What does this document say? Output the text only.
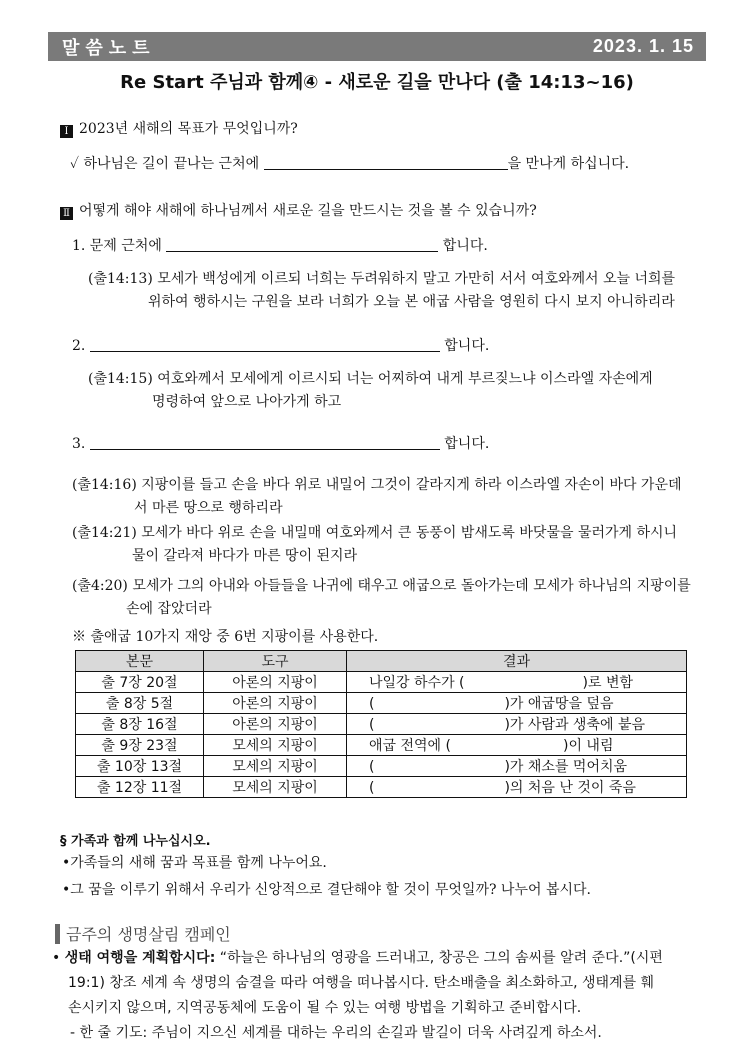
말씀노트	2023. 1. 15
Re Start 주님과 함께④ - 새로운 길을 만나다 (출 14:13~16)
Ⅰ 2023년 새해의 목표가 무엇입니까?
✓ 하나님은 길이 끝나는 근처에	을 만나게 하십니다.
Ⅱ 어떻게 해야 새해에 하나님께서 새로운 길을 만드시는 것을 볼 수 있습니까?
1. 문제 근처에	합니다.
(출14:13) 모세가 백성에게 이르되 너희는 두려워하지 말고 가만히 서서 여호와께서 오늘 너희를
위하여 행하시는 구원을 보라 너희가 오늘 본 애굽 사람을 영원히 다시 보지 아니하리라
2.	합니다.
(출14:15) 여호와께서 모세에게 이르시되 너는 어찌하여 내게 부르짖느냐 이스라엘 자손에게
명령하여 앞으로 나아가게 하고
3.	합니다.
(출14:16) 지팡이를 들고 손을 바다 위로 내밀어 그것이 갈라지게 하라 이스라엘 자손이 바다 가운데
서 마른 땅으로 행하리라
(출14:21) 모세가 바다 위로 손을 내밀매 여호와께서 큰 동풍이 밤새도록 바닷물을 물러가게 하시니
물이 갈라져 바다가 마른 땅이 된지라
(출4:20) 모세가 그의 아내와 아들들을 나귀에 태우고 애굽으로 돌아가는데 모세가 하나님의 지팡이를
손에 잡았더라
※ 출애굽 10가지 재앙 중 6번 지팡이를 사용한다.
본문	도구	결과
출 7장 20절	아론의 지팡이	나일강 하수가 ( )로 변함
출 8장 5절	아론의 지팡이	( )가 애굽땅을 덮음
출 8장 16절	아론의 지팡이	( )가 사람과 생축에 붙음
출 9장 23절	모세의 지팡이	애굽 전역에 ( )이 내림
출 10장 13절	모세의 지팡이	( )가 채소를 먹어치움
출 12장 11절	모세의 지팡이	( )의 처음 난 것이 죽음
§ 가족과 함께 나누십시오.
•가족들의 새해 꿈과 목표를 함께 나누어요.
•그 꿈을 이루기 위해서 우리가 신앙적으로 결단해야 할 것이 무엇일까? 나누어 봅시다.
금주의 생명살림 캠페인
• 생태 여행을 계획합시다: “하늘은 하나님의 영광을 드러내고, 창공은 그의 솜씨를 알려 준다.”(시편
19:1) 창조 세계 속 생명의 숨결을 따라 여행을 떠나봅시다. 탄소배출을 최소화하고, 생태계를 훼
손시키지 않으며, 지역공동체에 도움이 될 수 있는 여행 방법을 기획하고 준비합시다.
- 한 줄 기도: 주님이 지으신 세계를 대하는 우리의 손길과 발길이 더욱 사려깊게 하소서.
